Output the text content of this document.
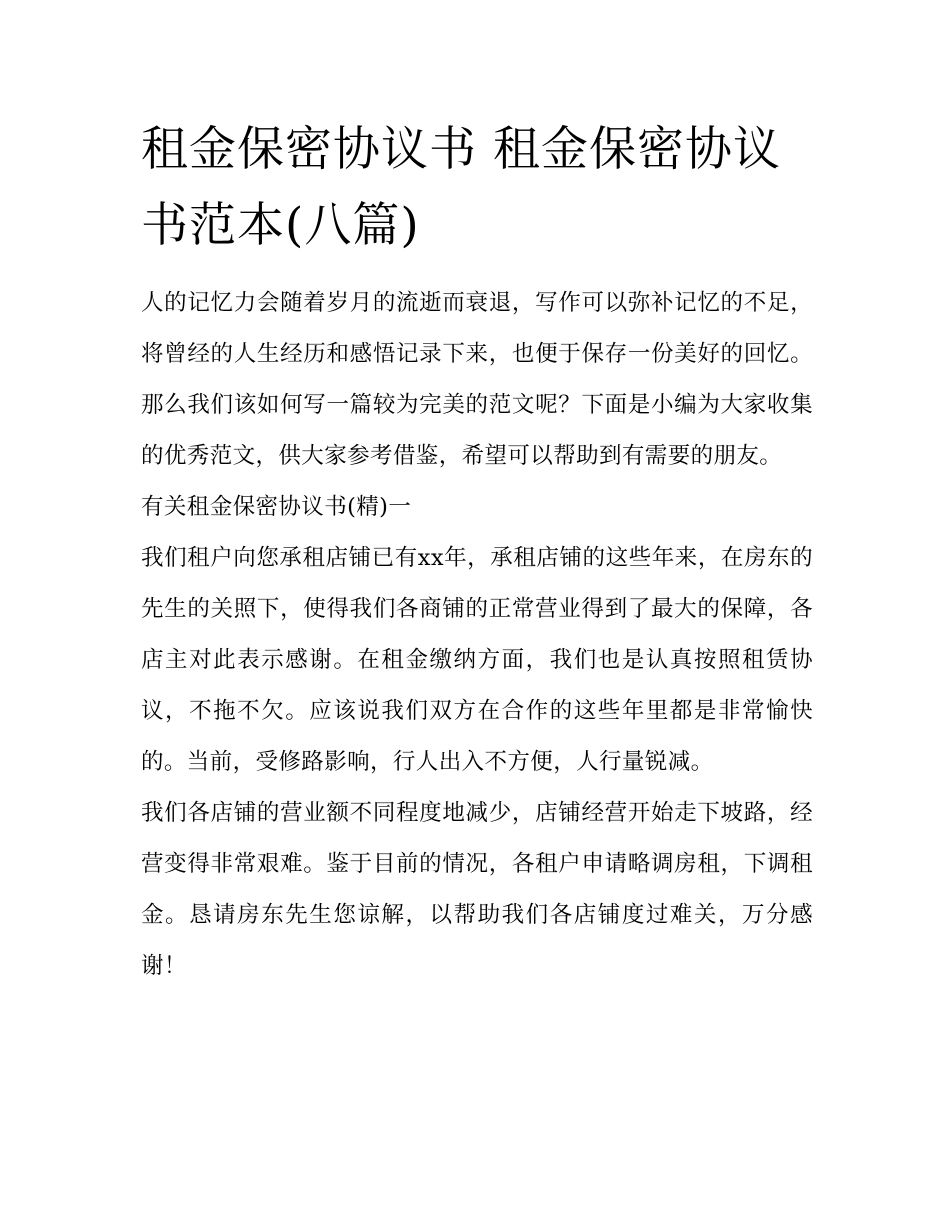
租金保密协议书 租金保密协议书范本(八篇)

人的记忆力会随着岁月的流逝而衰退，写作可以弥补记忆的不足，将曾经的人生经历和感悟记录下来，也便于保存一份美好的回忆。那么我们该如何写一篇较为完美的范文呢？下面是小编为大家收集的优秀范文，供大家参考借鉴，希望可以帮助到有需要的朋友。

有关租金保密协议书(精)一

我们租户向您承租店铺已有xx年，承租店铺的这些年来，在房东的先生的关照下，使得我们各商铺的正常营业得到了最大的保障，各店主对此表示感谢。在租金缴纳方面，我们也是认真按照租赁协议，不拖不欠。应该说我们双方在合作的这些年里都是非常愉快的。当前，受修路影响，行人出入不方便，人行量锐减。

我们各店铺的营业额不同程度地减少，店铺经营开始走下坡路，经营变得非常艰难。鉴于目前的情况，各租户申请略调房租，下调租金。恳请房东先生您谅解，以帮助我们各店铺度过难关，万分感谢！
